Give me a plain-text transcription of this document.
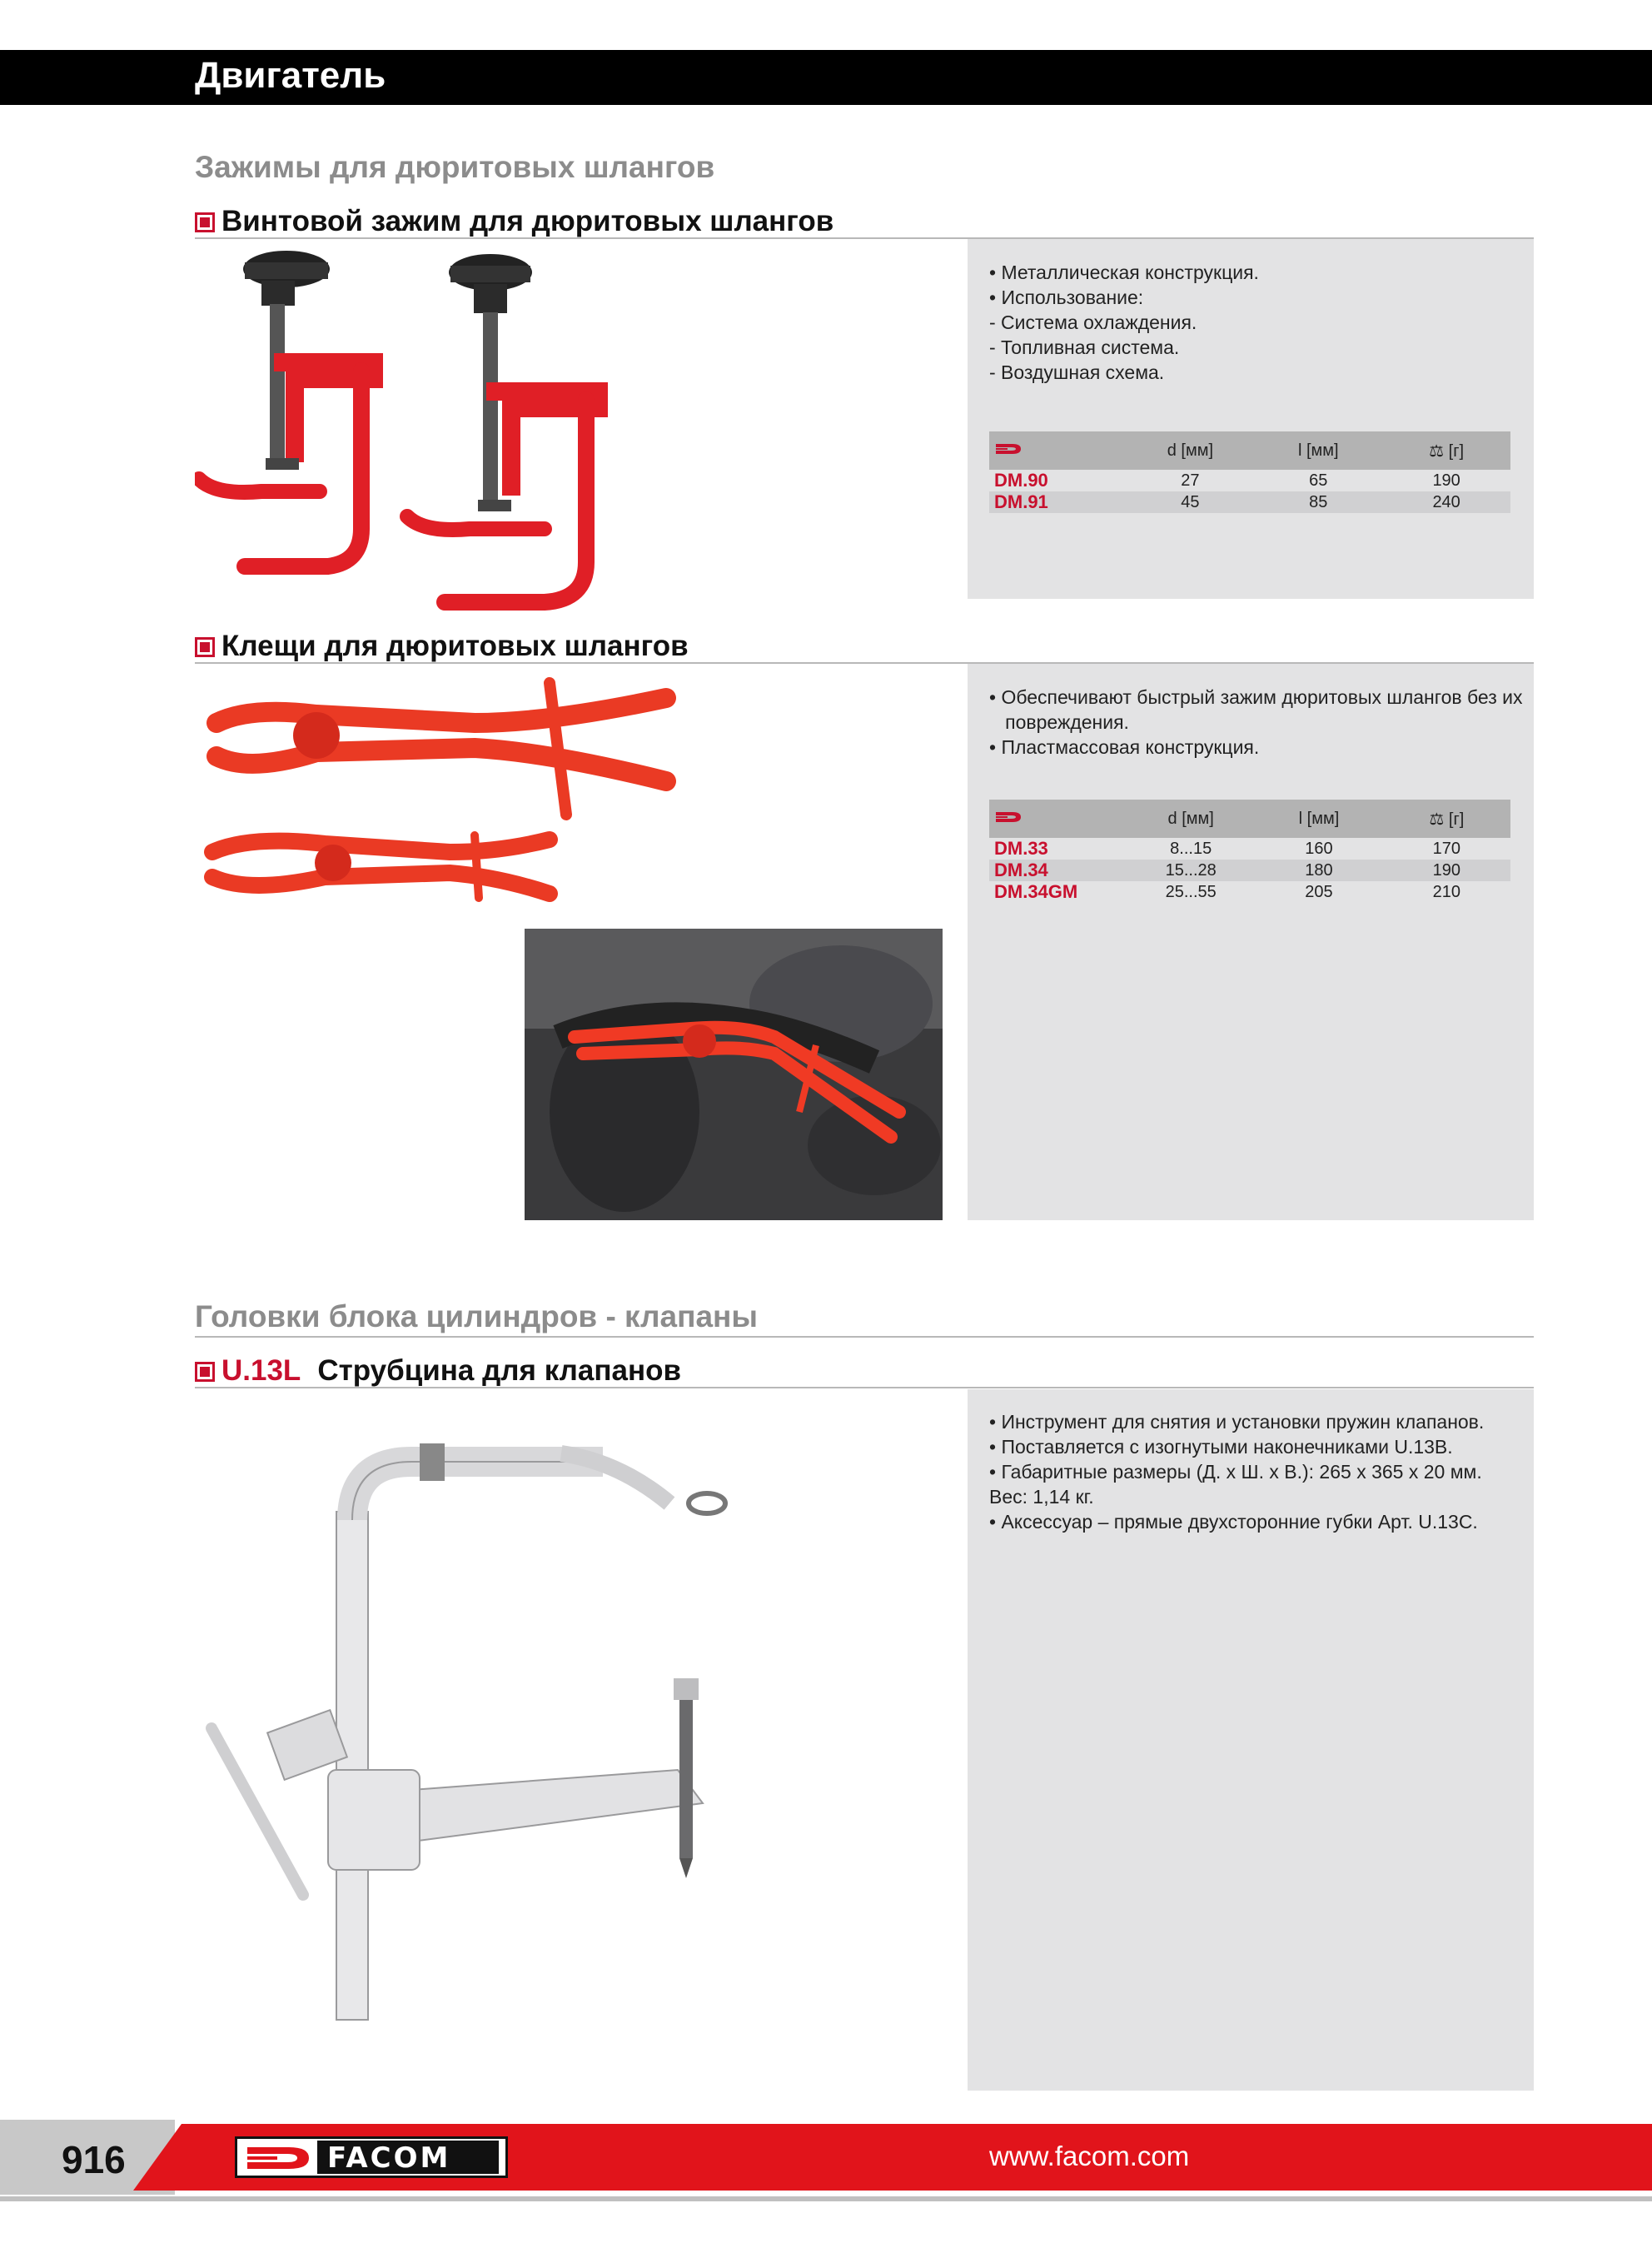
Двигатель
Зажимы для дюритовых шлангов
Винтовой зажим для дюритовых шлангов
• Металлическая конструкция.
• Использование:
- Система охлаждения.
- Топливная система.
- Воздушная схема.
	d [мм]	l [мм]	⚖ [г]
DM.90	27	65	190
DM.91	45	85	240
Клещи для дюритовых шлангов
• Обеспечивают быстрый зажим дюритовых шлангов без их
повреждения.
• Пластмассовая конструкция.
	d [мм]	l [мм]	⚖ [г]
DM.33	8...15	160	170
DM.34	15...28	180	190
DM.34GM	25...55	205	210
Головки блока цилиндров - клапаны
U.13L Струбцина для клапанов
• Инструмент для снятия и установки пружин клапанов.
• Поставляется с изогнутыми наконечниками U.13B.
• Габаритные размеры (Д. х Ш. х В.): 265 х 365 х 20 мм.
Вес: 1,14 кг.
• Аксессуар – прямые двухсторонние губки Арт. U.13C.
916	FACOM	www.facom.com
